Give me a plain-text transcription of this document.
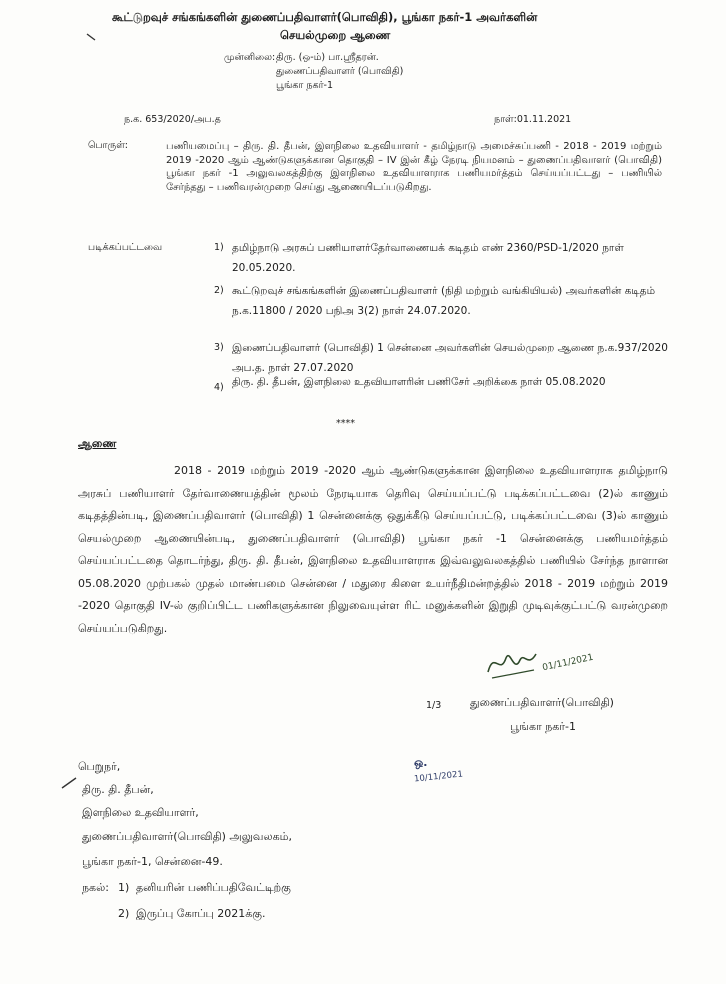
கூட்டுறவுச் சங்கங்களின் துணைப்பதிவாளர்(பொவிதி), பூங்கா நகர்-1 அவர்களின்
செயல்முறை ஆணை
முன்னிலை: திரு. (ஒ-ம்) பா.ஸ்ரீதரன்.
துணைப்பதிவாளர் (பொவிதி)
பூங்கா நகர்-1
ந.க. 653/2020/அப.த	நாள்:01.11.2021
பொருள்:	பணியமைப்பு – திரு. தி. தீபன், இளநிலை உதவியாளர் - தமிழ்நாடு அமைச்சுப்பணி - 2018 - 2019 மற்றும் 2019 -2020 ஆம் ஆண்டுகளுக்கான தொகுதி – IV இன் கீழ் நேரடி நியமனம் – துணைப்பதிவாளர் (பொவிதி) பூங்கா நகர் -1 அலுவலகத்திற்கு இளநிலை உதவியாளராக பணியமர்த்தம் செய்யப்பட்டது – பணியில் சேர்ந்தது – பணிவரன்முறை செய்து ஆணையிடப்படுகிறது.
படிக்கப்பட்டவை	1) தமிழ்நாடு அரசுப் பணியாளர்தேர்வாணையக் கடிதம் எண் 2360/PSD-1/2020 நாள் 20.05.2020.
2) கூட்டுறவுச் சங்கங்களின் இணைப்பதிவாளர் (நிதி மற்றும் வங்கியியல்) அவர்களின் கடிதம் ந.க.11800 / 2020 பநிஅ 3(2) நாள் 24.07.2020.
3) இணைப்பதிவாளர் (பொவிதி) 1 சென்னை அவர்களின் செயல்முறை ஆணை ந.க.937/2020 அப.த. நாள் 27.07.2020
4) திரு. தி. தீபன், இளநிலை உதவியாளரின் பணிசேர் அறிக்கை நாள் 05.08.2020
****
ஆணை
2018 - 2019 மற்றும் 2019 -2020 ஆம் ஆண்டுகளுக்கான இளநிலை உதவியாளராக தமிழ்நாடு அரசுப் பணியாளர் தேர்வாணையத்தின் மூலம் நேரடியாக தெரிவு செய்யப்பட்டு படிக்கப்பட்டவை (2)ல் காணும் கடிதத்தின்படி, இணைப்பதிவாளர் (பொவிதி) 1 சென்னைக்கு ஒதுக்கீடு செய்யப்பட்டு, படிக்கப்பட்டவை (3)ல் காணும் செயல்முறை ஆணையின்படி, துணைப்பதிவாளர் (பொவிதி) பூங்கா நகர் -1 சென்னைக்கு பணியமர்த்தம் செய்யப்பட்டதை தொடர்ந்து, திரு. தி. தீபன், இளநிலை உதவியாளராக இவ்வலுவலகத்தில் பணியில் சேர்ந்த நாளான 05.08.2020 முற்பகல் முதல் மாண்பமை சென்னை / மதுரை கிளை உயர்நீதிமன்றத்தில் 2018 - 2019 மற்றும் 2019 -2020 தொகுதி IV-ல் குறிப்பிட்ட பணிகளுக்கான நிலுவையுள்ள ரிட் மனுக்களின் இறுதி முடிவுக்குட்பட்டு வரன்முறை செய்யப்படுகிறது.
01/11/2021
1/3	துணைப்பதிவாளர்(பொவிதி)
பூங்கா நகர்-1
ஒ.
10/11/2021
பெறுநர்,
திரு. தி. தீபன்,
இளநிலை உதவியாளர்,
துணைப்பதிவாளர்(பொவிதி) அலுவலகம்,
பூங்கா நகர்-1, சென்னை-49.
நகல்: 1) தனியரின் பணிப்பதிவேட்டிற்கு
2) இருப்பு கோப்பு 2021க்கு.
